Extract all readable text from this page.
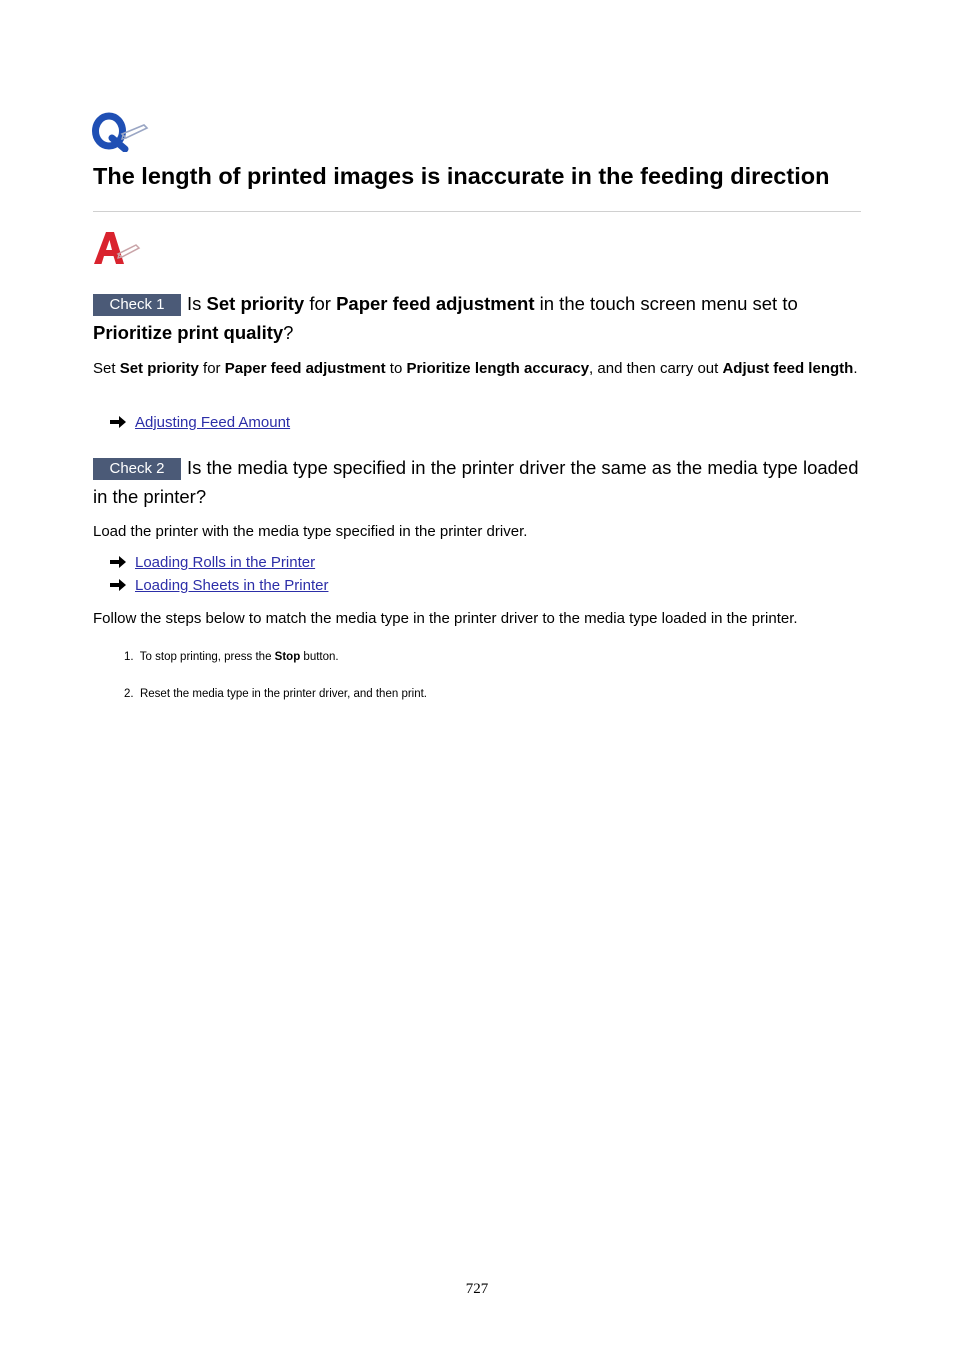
The length of printed images is inaccurate in the feeding direction
Check 1 Is Set priority for Paper feed adjustment in the touch screen menu set to Prioritize print quality?
Set Set priority for Paper feed adjustment to Prioritize length accuracy, and then carry out Adjust feed length.
Adjusting Feed Amount
Check 2 Is the media type specified in the printer driver the same as the media type loaded in the printer?
Load the printer with the media type specified in the printer driver.
Loading Rolls in the Printer
Loading Sheets in the Printer
Follow the steps below to match the media type in the printer driver to the media type loaded in the printer.
1. To stop printing, press the Stop button.
2. Reset the media type in the printer driver, and then print.
727
